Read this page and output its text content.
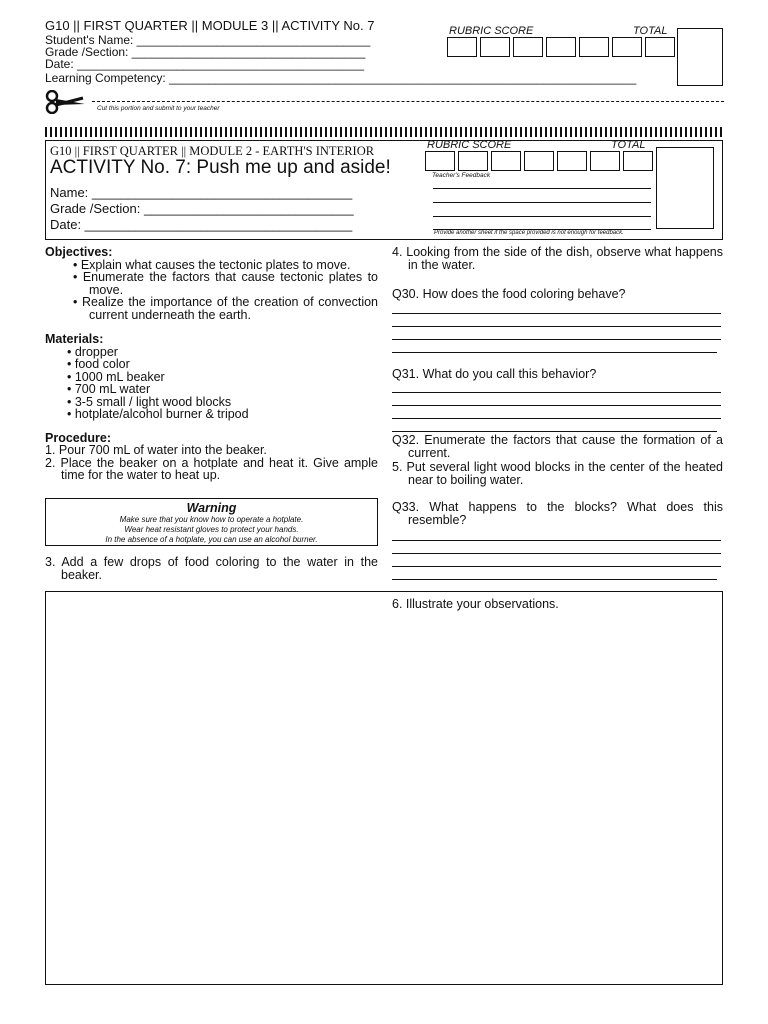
G10 || FIRST QUARTER || MODULE 3 || ACTIVITY No. 7
Student's Name: ___________________________________
Grade /Section: ___________________________________
Date: ___________________________________________
Learning Competency: ______________________________________________________________________
RUBRIC SCORE	TOTAL
Cut this portion and submit to your teacher
G10 || FIRST QUARTER || MODULE 2 - EARTH'S INTERIOR
ACTIVITY No. 7: Push me up and aside!
Name: ____________________________________
Grade /Section: _____________________________
Date: _____________________________________
RUBRIC SCORE	TOTAL
Teacher's Feedback
Provide another sheet if the space provided is not enough for feedback.
Objectives:
• Explain what causes the tectonic plates to move.
• Enumerate the factors that cause tectonic plates to move.
• Realize the importance of the creation of convection current underneath the earth.
Materials:
• dropper
• food color
• 1000 mL beaker
• 700 mL water
• 3-5 small / light wood blocks
• hotplate/alcohol burner & tripod
Procedure:
1. Pour 700 mL of water into the beaker.
2. Place the beaker on a hotplate and heat it. Give ample time for the water to heat up.
Warning
Make sure that you know how to operate a hotplate.
Wear heat resistant gloves to protect your hands.
In the absence of a hotplate, you can use an alcohol burner.
3. Add a few drops of food coloring to the water in the beaker.
4. Looking from the side of the dish, observe what happens in the water.
Q30. How does the food coloring behave?
Q31. What do you call this behavior?
Q32. Enumerate the factors that cause the formation of a current.
5. Put several light wood blocks in the center of the heated near to boiling water.
Q33. What happens to the blocks? What does this resemble?
6. Illustrate your observations.
